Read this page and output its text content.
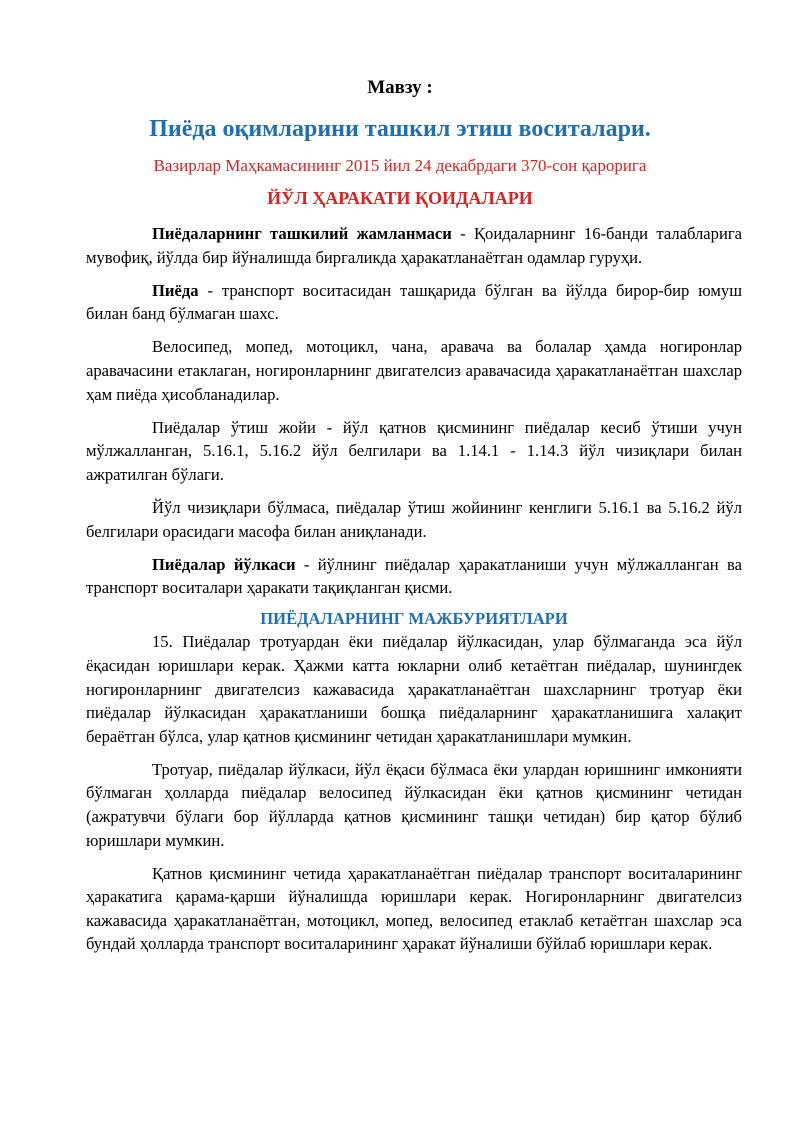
Мавзу :
Пиёда оқимларини ташкил этиш воситалари.
Вазирлар Маҳкамасининг 2015 йил 24 декабрдаги 370-сон қарорига
ЙЎЛ ҲАРАКАТИ ҚОИДАЛАРИ

Пиёдаларнинг ташкилий жамланмаси - Қоидаларнинг 16-банди талабларига мувофиқ, йўлда бир йўналишда биргаликда ҳаракатланаётган одамлар гуруҳи.

Пиёда - транспорт воситасидан ташқарида бўлган ва йўлда бирор-бир юмуш билан банд бўлмаган шахс.

Велосипед, мопед, мотоцикл, чана, аравача ва болалар ҳамда ногиронлар аравачасини етаклаган, ногиронларнинг двигателсиз аравачасида ҳаракатланаётган шахслар ҳам пиёда ҳисобланадилар.

Пиёдалар ўтиш жойи - йўл қатнов қисмининг пиёдалар кесиб ўтиши учун мўлжалланган, 5.16.1, 5.16.2 йўл белгилари ва 1.14.1 - 1.14.3 йўл чизиқлари билан ажратилган бўлаги.

Йўл чизиқлари бўлмаса, пиёдалар ўтиш жойининг кенглиги 5.16.1 ва 5.16.2 йўл белгилари орасидаги масофа билан аниқланади.

Пиёдалар йўлкаси - йўлнинг пиёдалар ҳаракатланиши учун мўлжалланган ва транспорт воситалари ҳаракати тақиқланган қисми.

ПИЁДАЛАРНИНГ МАЖБУРИЯТЛАРИ

15. Пиёдалар тротуардан ёки пиёдалар йўлкасидан, улар бўлмаганда эса йўл ёқасидан юришлари керак. Ҳажми катта юкларни олиб кетаётган пиёдалар, шунингдек ногиронларнинг двигателсиз кажавасида ҳаракатланаётган шахсларнинг тротуар ёки пиёдалар йўлкасидан ҳаракатланиши бошқа пиёдаларнинг ҳаракатланишига халақит бераётган бўлса, улар қатнов қисмининг четидан ҳаракатланишлари мумкин.

Тротуар, пиёдалар йўлкаси, йўл ёқаси бўлмаса ёки улардан юришнинг имконияти бўлмаган ҳолларда пиёдалар велосипед йўлкасидан ёки қатнов қисмининг четидан (ажратувчи бўлаги бор йўлларда қатнов қисмининг ташқи четидан) бир қатор бўлиб юришлари мумкин.

Қатнов қисмининг четида ҳаракатланаётган пиёдалар транспорт воситаларининг ҳаракатига қарама-қарши йўналишда юришлари керак. Ногиронларнинг двигателсиз кажавасида ҳаракатланаётган, мотоцикл, мопед, велосипед етаклаб кетаётган шахслар эса бундай ҳолларда транспорт воситаларининг ҳаракат йўналиши бўйлаб юришлари керак.
